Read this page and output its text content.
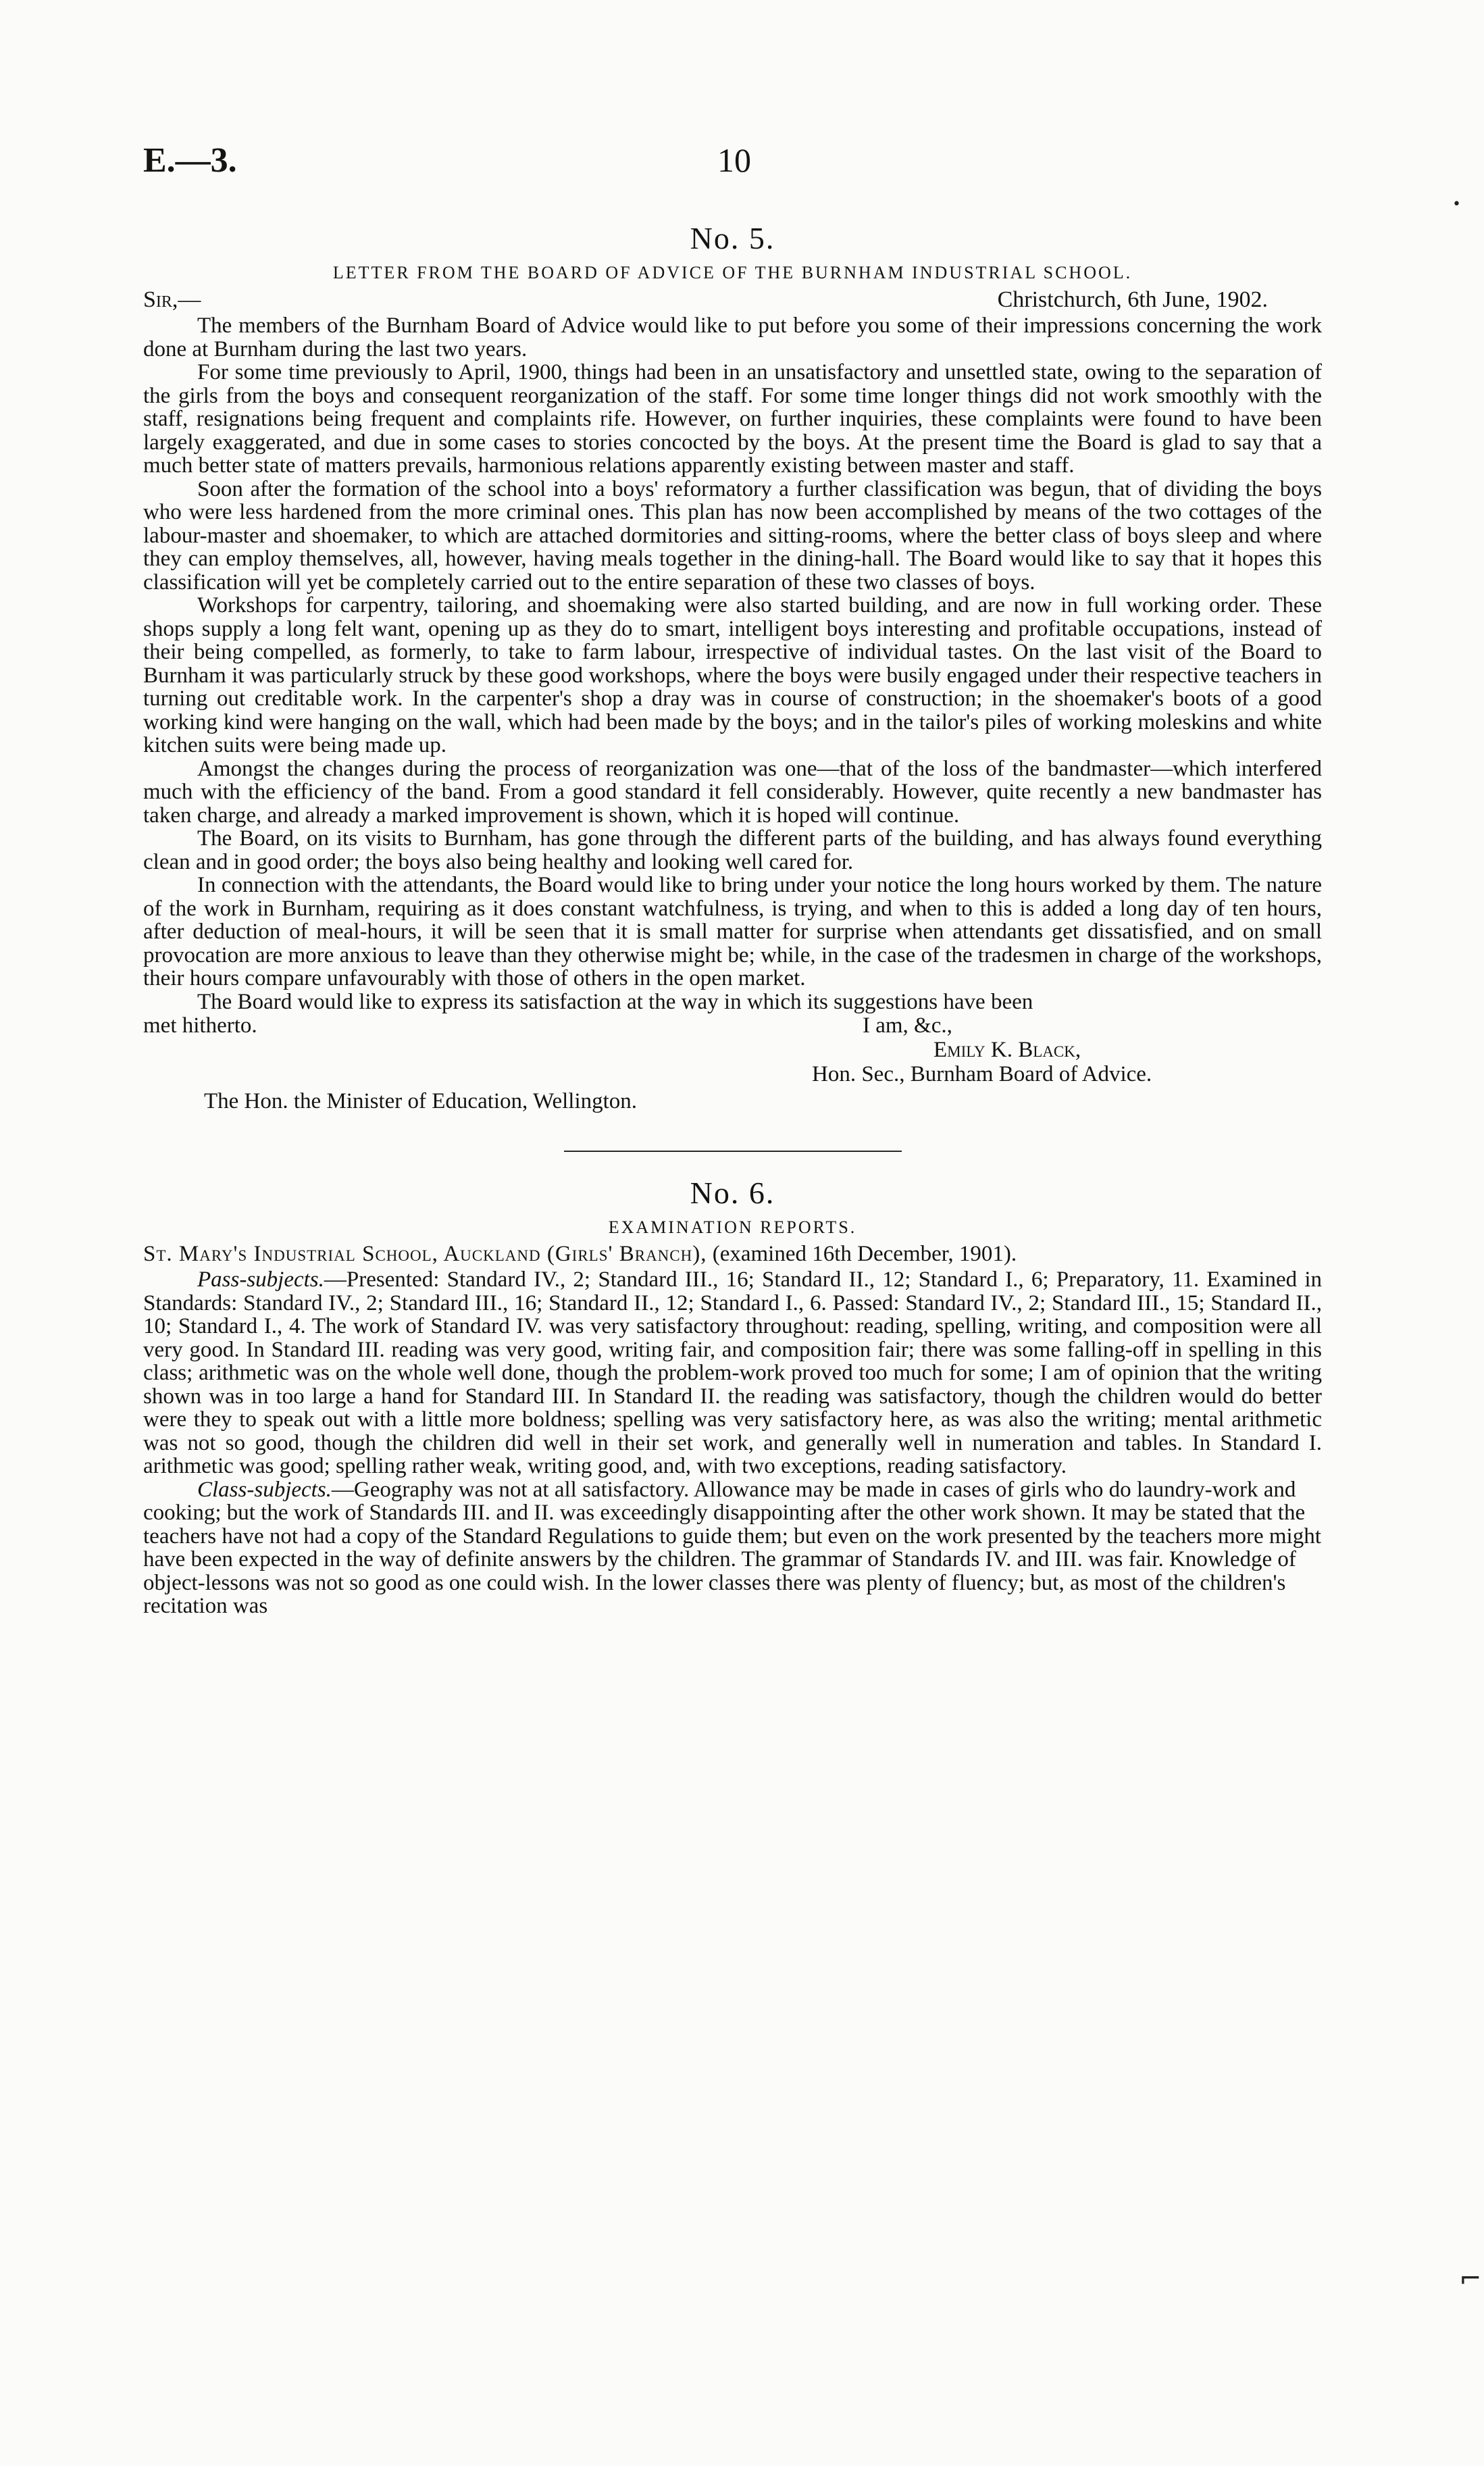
E.—3.	10
No. 5.
LETTER FROM THE BOARD OF ADVICE OF THE BURNHAM INDUSTRIAL SCHOOL.
Sir,—	Christchurch, 6th June, 1902.

The members of the Burnham Board of Advice would like to put before you some of their impressions concerning the work done at Burnham during the last two years.

For some time previously to April, 1900, things had been in an unsatisfactory and unsettled state, owing to the separation of the girls from the boys and consequent reorganization of the staff. For some time longer things did not work smoothly with the staff, resignations being frequent and complaints rife. However, on further inquiries, these complaints were found to have been largely exaggerated, and due in some cases to stories concocted by the boys. At the present time the Board is glad to say that a much better state of matters prevails, harmonious relations apparently existing between master and staff.

Soon after the formation of the school into a boys' reformatory a further classification was begun, that of dividing the boys who were less hardened from the more criminal ones. This plan has now been accomplished by means of the two cottages of the labour-master and shoemaker, to which are attached dormitories and sitting-rooms, where the better class of boys sleep and where they can employ themselves, all, however, having meals together in the dining-hall. The Board would like to say that it hopes this classification will yet be completely carried out to the entire separation of these two classes of boys.

Workshops for carpentry, tailoring, and shoemaking were also started building, and are now in full working order. These shops supply a long felt want, opening up as they do to smart, intelligent boys interesting and profitable occupations, instead of their being compelled, as formerly, to take to farm labour, irrespective of individual tastes. On the last visit of the Board to Burnham it was particularly struck by these good workshops, where the boys were busily engaged under their respective teachers in turning out creditable work. In the carpenter's shop a dray was in course of construction; in the shoemaker's boots of a good working kind were hanging on the wall, which had been made by the boys; and in the tailor's piles of working moleskins and white kitchen suits were being made up.

Amongst the changes during the process of reorganization was one—that of the loss of the bandmaster—which interfered much with the efficiency of the band. From a good standard it fell considerably. However, quite recently a new bandmaster has taken charge, and already a marked improvement is shown, which it is hoped will continue.

The Board, on its visits to Burnham, has gone through the different parts of the building, and has always found everything clean and in good order; the boys also being healthy and looking well cared for.

In connection with the attendants, the Board would like to bring under your notice the long hours worked by them. The nature of the work in Burnham, requiring as it does constant watchfulness, is trying, and when to this is added a long day of ten hours, after deduction of meal-hours, it will be seen that it is small matter for surprise when attendants get dissatisfied, and on small provocation are more anxious to leave than they otherwise might be; while, in the case of the tradesmen in charge of the workshops, their hours compare unfavourably with those of others in the open market.

The Board would like to express its satisfaction at the way in which its suggestions have been

met hitherto.	I am, &c.,
Emily K. Black,
Hon. Sec., Burnham Board of Advice.
The Hon. the Minister of Education, Wellington.
No. 6.
EXAMINATION REPORTS.
St. Mary's Industrial School, Auckland (Girls' Branch), (examined 16th December, 1901).

Pass-subjects.—Presented: Standard IV., 2; Standard III., 16; Standard II., 12; Standard I., 6; Preparatory, 11. Examined in Standards: Standard IV., 2; Standard III., 16; Standard II., 12; Standard I., 6. Passed: Standard IV., 2; Standard III., 15; Standard II., 10; Standard I., 4. The work of Standard IV. was very satisfactory throughout: reading, spelling, writing, and composition were all very good. In Standard III. reading was very good, writing fair, and composition fair; there was some falling-off in spelling in this class; arithmetic was on the whole well done, though the problem-work proved too much for some; I am of opinion that the writing shown was in too large a hand for Standard III. In Standard II. the reading was satisfactory, though the children would do better were they to speak out with a little more boldness; spelling was very satisfactory here, as was also the writing; mental arithmetic was not so good, though the children did well in their set work, and generally well in numeration and tables. In Standard I. arithmetic was good; spelling rather weak, writing good, and, with two exceptions, reading satisfactory.

Class-subjects.—Geography was not at all satisfactory. Allowance may be made in cases of girls who do laundry-work and cooking; but the work of Standards III. and II. was exceedingly disappointing after the other work shown. It may be stated that the teachers have not had a copy of the Standard Regulations to guide them; but even on the work presented by the teachers more might have been expected in the way of definite answers by the children. The grammar of Standards IV. and III. was fair. Knowledge of object-lessons was not so good as one could wish. In the lower classes there was plenty of fluency; but, as most of the children's recitation was

•
⌐
